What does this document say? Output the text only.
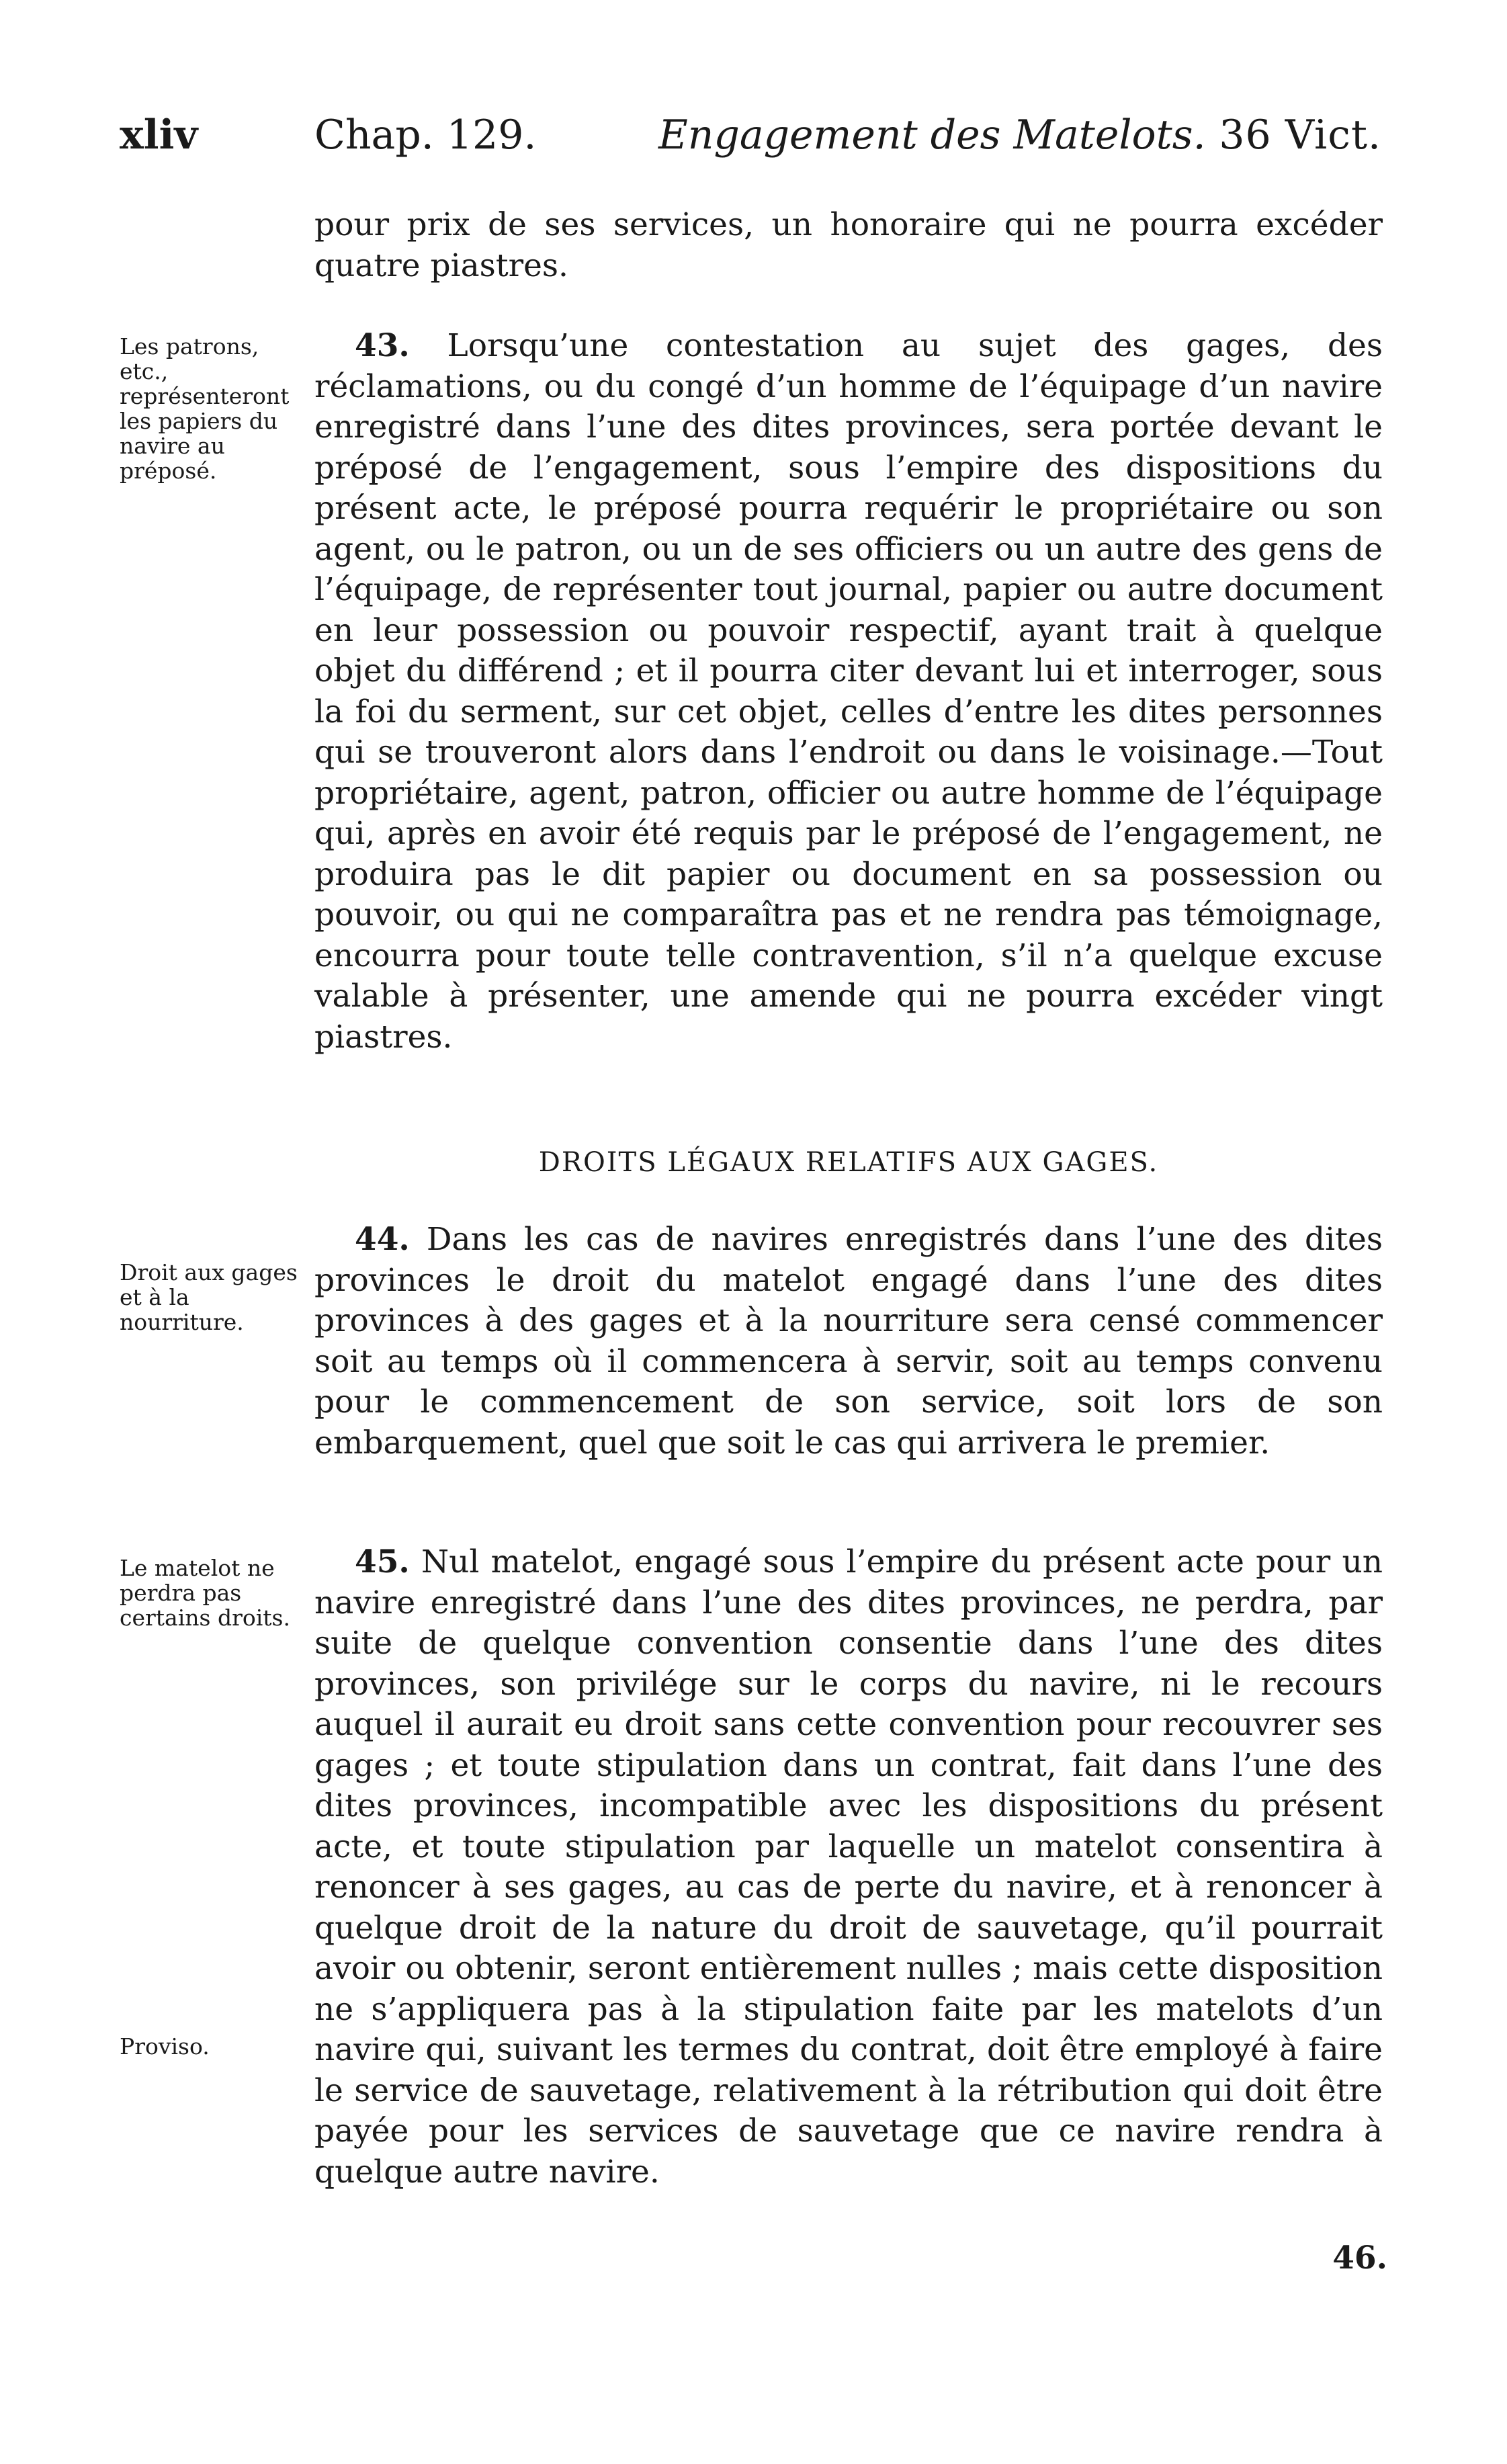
xliv	Chap. 129.	Engagement des Matelots. 36 Vict.

pour prix de ses services, un honoraire qui ne pourra excéder quatre piastres.

Les patrons, etc., représenteront les papiers du navire au préposé.

43. Lorsqu’une contestation au sujet des gages, des réclamations, ou du congé d’un homme de l’équipage d’un navire enregistré dans l’une des dites provinces, sera portée devant le préposé de l’engagement, sous l’empire des dispositions du présent acte, le préposé pourra requérir le propriétaire ou son agent, ou le patron, ou un de ses officiers ou un autre des gens de l’équipage, de représenter tout journal, papier ou autre document en leur possession ou pouvoir respectif, ayant trait à quelque objet du différend ; et il pourra citer devant lui et interroger, sous la foi du serment, sur cet objet, celles d’entre les dites personnes qui se trouveront alors dans l’endroit ou dans le voisinage.—Tout propriétaire, agent, patron, officier ou autre homme de l’équipage qui, après en avoir été requis par le préposé de l’engagement, ne produira pas le dit papier ou document en sa possession ou pouvoir, ou qui ne comparaîtra pas et ne rendra pas témoignage, encourra pour toute telle contravention, s’il n’a quelque excuse valable à présenter, une amende qui ne pourra excéder vingt piastres.

DROITS LÉGAUX RELATIFS AUX GAGES.

Droit aux gages et à la nourriture.

44. Dans les cas de navires enregistrés dans l’une des dites provinces le droit du matelot engagé dans l’une des dites provinces à des gages et à la nourriture sera censé commencer soit au temps où il commencera à servir, soit au temps convenu pour le commencement de son service, soit lors de son embarquement, quel que soit le cas qui arrivera le premier.

Le matelot ne perdra pas certains droits.

Proviso.

45. Nul matelot, engagé sous l’empire du présent acte pour un navire enregistré dans l’une des dites provinces, ne perdra, par suite de quelque convention consentie dans l’une des dites provinces, son privilége sur le corps du navire, ni le recours auquel il aurait eu droit sans cette convention pour recouvrer ses gages ; et toute stipulation dans un contrat, fait dans l’une des dites provinces, incompatible avec les dispositions du présent acte, et toute stipulation par laquelle un matelot consentira à renoncer à ses gages, au cas de perte du navire, et à renoncer à quelque droit de la nature du droit de sauvetage, qu’il pourrait avoir ou obtenir, seront entièrement nulles ; mais cette disposition ne s’appliquera pas à la stipulation faite par les matelots d’un navire qui, suivant les termes du contrat, doit être employé à faire le service de sauvetage, relativement à la rétribution qui doit être payée pour les services de sauvetage que ce navire rendra à quelque autre navire.

46.
